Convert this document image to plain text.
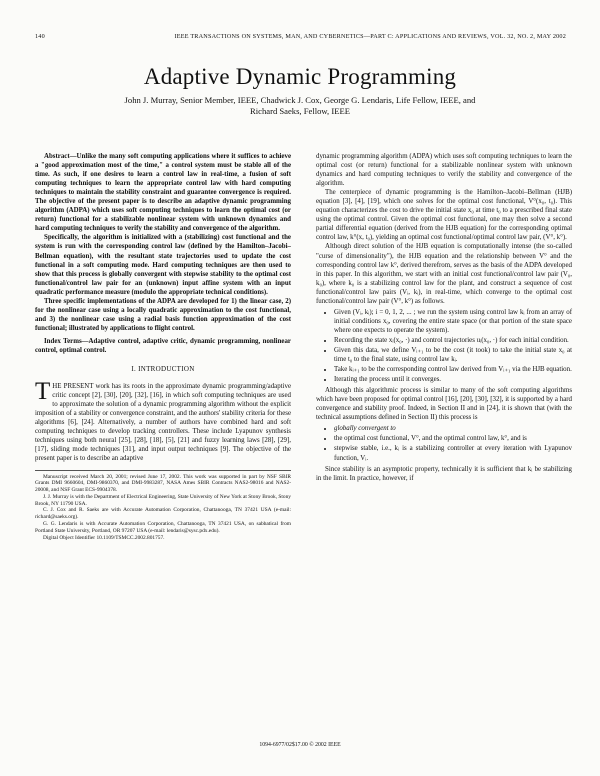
140	IEEE TRANSACTIONS ON SYSTEMS, MAN, AND CYBERNETICS—PART C: APPLICATIONS AND REVIEWS, VOL. 32, NO. 2, MAY 2002
Adaptive Dynamic Programming
John J. Murray, Senior Member, IEEE, Chadwick J. Cox, George G. Lendaris, Life Fellow, IEEE, and
Richard Saeks, Fellow, IEEE

Abstract—Unlike the many soft computing applications where it suffices to achieve a "good approximation most of the time," a control system must be stable all of the time. As such, if one desires to learn a control law in real-time, a fusion of soft computing techniques to learn the appropriate control law with hard computing techniques to maintain the stability constraint and guarantee convergence is required. The objective of the present paper is to describe an adaptive dynamic programming algorithm (ADPA) which uses soft computing techniques to learn the optimal cost (or return) functional for a stabilizable nonlinear system with unknown dynamics and hard computing techniques to verify the stability and convergence of the algorithm.

Specifically, the algorithm is initialized with a (stabilizing) cost functional and the system is run with the corresponding control law (defined by the Hamilton–Jacobi–Bellman equation), with the resultant state trajectories used to update the cost functional in a soft computing mode. Hard computing techniques are then used to show that this process is globally convergent with stepwise stability to the optimal cost functional/control law pair for an (unknown) input affine system with an input quadratic performance measure (modulo the appropriate technical conditions).

Three specific implementations of the ADPA are developed for 1) the linear case, 2) for the nonlinear case using a locally quadratic approximation to the cost functional, and 3) the nonlinear case using a radial basis function approximation of the cost functional; illustrated by applications to flight control.

Index Terms—Adaptive control, adaptive critic, dynamic programming, nonlinear control, optimal control.

I. INTRODUCTION

THE PRESENT work has its roots in the approximate dynamic programming/adaptive critic concept [2], [30], [20], [32], [16], in which soft computing techniques are used to approximate the solution of a dynamic programming algorithm without the explicit imposition of a stability or convergence constraint, and the authors' stability criteria for these algorithms [6], [24]. Alternatively, a number of authors have combined hard and soft computing techniques to develop tracking controllers. These include Lyapunov synthesis techniques using both neural [25], [28], [18], [5], [21] and fuzzy learning laws [28], [29], [17], sliding mode techniques [31], and input output techniques [9]. The objective of the present paper is to describe an adaptive

Manuscript received March 20, 2001; revised June 17, 2002. This work was supported in part by NSF SBIR Grants DMI 9660604, DMI-9860370, and DMI-9983287, NASA Ames SBIR Contracts NAS2-98016 and NAS2-20008, and NSF Grant ECS-9904378.

J. J. Murray is with the Department of Electrical Engineering, State University of New York at Stony Brook, Stony Brook, NY 11790 USA.

C. J. Cox and R. Saeks are with Accurate Automation Corporation, Chattanooga, TN 37421 USA (e-mail: richard@saeks.org).

G. G. Lendaris is with Accurate Automation Corporation, Chattanooga, TN 37421 USA, on sabbatical from Portland State University, Portland, OR 97207 USA (e-mail: lendaris@sysc.pdx.edu).

Digital Object Identifier 10.1109/TSMCC.2002.801757.

dynamic programming algorithm (ADPA) which uses soft computing techniques to learn the optimal cost (or return) functional for a stabilizable nonlinear system with unknown dynamics and hard computing techniques to verify the stability and convergence of the algorithm.

The centerpiece of dynamic programming is the Hamilton–Jacobi–Bellman (HJB) equation [3], [4], [19], which one solves for the optimal cost functional, V°(x₀, t₀). This equation characterizes the cost to drive the initial state x₀ at time t₀ to a prescribed final state using the optimal control. Given the optimal cost functional, one may then solve a second partial differential equation (derived from the HJB equation) for the corresponding optimal control law, k°(x, t₀), yielding an optimal cost functional/optimal control law pair, (V°, k°).

Although direct solution of the HJB equation is computationally intense (the so-called "curse of dimensionality"), the HJB equation and the relationship between V° and the corresponding control law k°, derived therefrom, serves as the basis of the ADPA developed in this paper. In this algorithm, we start with an initial cost functional/control law pair (V₀, k₀), where k₀ is a stabilizing control law for the plant, and construct a sequence of cost functional/control law pairs (Vᵢ, kᵢ), in real-time, which converge to the optimal cost functional/control law pair (V°, k°) as follows.

• Given (Vᵢ, kᵢ); i = 0, 1, 2, ... ; we run the system using control law kᵢ from an array of initial conditions x₀, covering the entire state space (or that portion of the state space where one expects to operate the system).
• Recording the state xᵢ(x₀, ·) and control trajectories uᵢ(x₀, ·) for each initial condition.
• Given this data, we define Vᵢ₊₁ to be the cost (it took) to take the initial state x₀ at time t₀ to the final state, using control law kᵢ.
• Take kᵢ₊₁ to be the corresponding control law derived from Vᵢ₊₁ via the HJB equation.
• Iterating the process until it converges.

Although this algorithmic process is similar to many of the soft computing algorithms which have been proposed for optimal control [16], [20], [30], [32], it is supported by a hard convergence and stability proof. Indeed, in Section II and in [24], it is shown that (with the technical assumptions defined in Section II) this process is

• globally convergent to
• the optimal cost functional, V°, and the optimal control law, k°, and is
• stepwise stable, i.e., kᵢ is a stabilizing controller at every iteration with Lyapunov function, Vᵢ.

Since stability is an asymptotic property, technically it is sufficient that kᵢ be stabilizing in the limit. In practice, however, if

1094-6977/02$17.00 © 2002 IEEE
